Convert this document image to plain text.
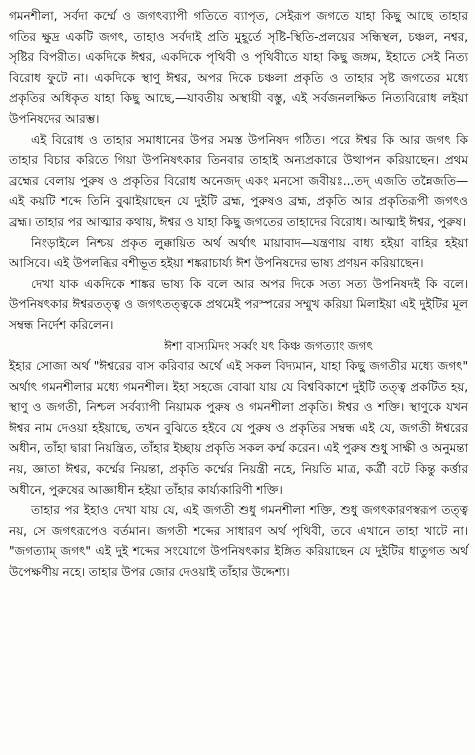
গমনশীলা, সর্বদা কর্ম্মে ও জগৎব্যাপী গতিতে ব্যাপৃত, সেইরূপ জগতে যাহা কিছু আছে তাহার গতির ক্ষুদ্র একটি জগৎ, তাহাও সর্বদাই প্রতি মুহূর্তে সৃষ্টি-স্থিতি-প্রলয়ের সন্ধিস্থল, চঞ্চল, নশ্বর, সৃষ্টির বিপরীত। একদিকে ঈশ্বর, একদিকে পৃথিবী ও পৃথিবীতে যাহা কিছু জঙ্গম, ইহাতে সেই নিত্য বিরোধ ফুটে না। একদিকে স্থাণু ঈশ্বর, অপর দিকে চঞ্চলা প্রকৃতি ও তাহার সৃষ্ট জগতের মধ্যে প্রকৃতির অধিকৃত যাহা কিছু আছে,—যাবতীয় অস্থায়ী বস্তু, এই সর্বজনলক্ষিত নিত্যবিরোধ লইয়া উপনিষদের আরম্ভ।

এই বিরোধ ও তাহার সমাধানের উপর সমস্ত উপনিষদ গঠিত। পরে ঈশ্বর কি আর জগৎ কি তাহার বিচার করিতে গিয়া উপনিষৎকার তিনবার তাহাই অন্যপ্রকারে উত্থাপন করিয়াছেন। প্রথম ব্রহ্মের বেলায় পুরুষ ও প্রকৃতির বিরোধ অনেজদ্ একং মনসো জবীয়ঃ...তদ্ এজতি তন্নৈজতি—এই কয়টি শব্দে তিনি বুঝাইয়াছেন যে দুইটি ব্রহ্ম, পুরুষও ব্রহ্ম, প্রকৃতি আর প্রকৃতিরূপী জগৎও ব্রহ্ম। তাহার পর আত্মার কথায়, ঈশ্বর ও যাহা কিছু জগতের তাহাদের বিরোধ। আত্মাই ঈশ্বর, পুরুষ।

নিংড়াইলে নিশ্চয় প্রকৃত লুক্কায়িত অর্থ অর্থাৎ মায়াবাদ—যন্ত্রণায় বাধ্য হইয়া বাহির হইয়া আসিবে। এই উপলব্ধির বশীভূত হইয়া শঙ্করাচার্য্য ঈশ উপনিষদের ভাষ্য প্রণয়ন করিয়াছেন।

দেখা যাক একদিকে শাঙ্কর ভাষ্য কি বলে আর অপর দিকে সত্য সত্য উপনিষদই কি বলে। উপনিষৎকার ঈশ্বরতত্ত্ব ও জগৎতত্ত্বকে প্রথমেই পরস্পরের সম্মুখ করিয়া মিলাইয়া এই দুইটির মূল সম্বন্ধ নির্দেশ করিলেন।

ঈশা বাস্যমিদং সর্ব্বং যৎ কিঞ্চ জগত্যাং জগৎ

ইহার সোজা অর্থ "ঈশ্বরের বাস করিবার অর্থে এই সকল বিদ্যমান, যাহা কিছু জগতীর মধ্যে জগৎ" অর্থাৎ গমনশীলার মধ্যে গমনশীল। ইহা সহজে বোঝা যায় যে বিশ্ববিকাশে দুইটি তত্ত্ব প্রকটিত হয়, স্থাণু ও জগতী, নিশ্চল সর্বব্যাপী নিয়ামক পুরুষ ও গমনশীলা প্রকৃতি। ঈশ্বর ও শক্তি। স্থাণুকে যখন ঈশ্বর নাম দেওয়া হইয়াছে, তখন বুঝিতে হইবে যে পুরুষ ও প্রকৃতির সম্বন্ধ এই যে, জগতী ঈশ্বরের অধীন, তাঁহা দ্বারা নিয়ন্ত্রিত, তাঁহার ইচ্ছায় প্রকৃতি সকল কর্ম্ম করেন। এই পুরুষ শুধু সাক্ষী ও অনুমন্তা নয়, জ্ঞাতা ঈশ্বর, কর্ম্মের নিয়ন্তা, প্রকৃতি কর্ম্মের নিয়ন্ত্রী নহে, নিয়তি মাত্র, কর্ত্রী বটে কিন্তু কর্ত্তার অধীনে, পুরুষের আজ্ঞাধীন হইয়া তাঁহার কার্য্যকারিণী শক্তি।

তাহার পর ইহাও দেখা যায় যে, এই জগতী শুধু গমনশীলা শক্তি, শুধু জগৎকারণস্বরূপ তত্ত্ব নয়, সে জগৎরূপেও বর্তমান। জগতী শব্দের সাধারণ অর্থ পৃথিবী, তবে এখানে তাহা খাটে না। "জগত্যাম্ জগৎ" এই দুই শব্দের সংযোগে উপনিষৎকার ইঙ্গিত করিয়াছেন যে দুইটির ধাতুগত অর্থ উপেক্ষণীয় নহে। তাহার উপর জোর দেওয়াই তাঁহার উদ্দেশ্য।
